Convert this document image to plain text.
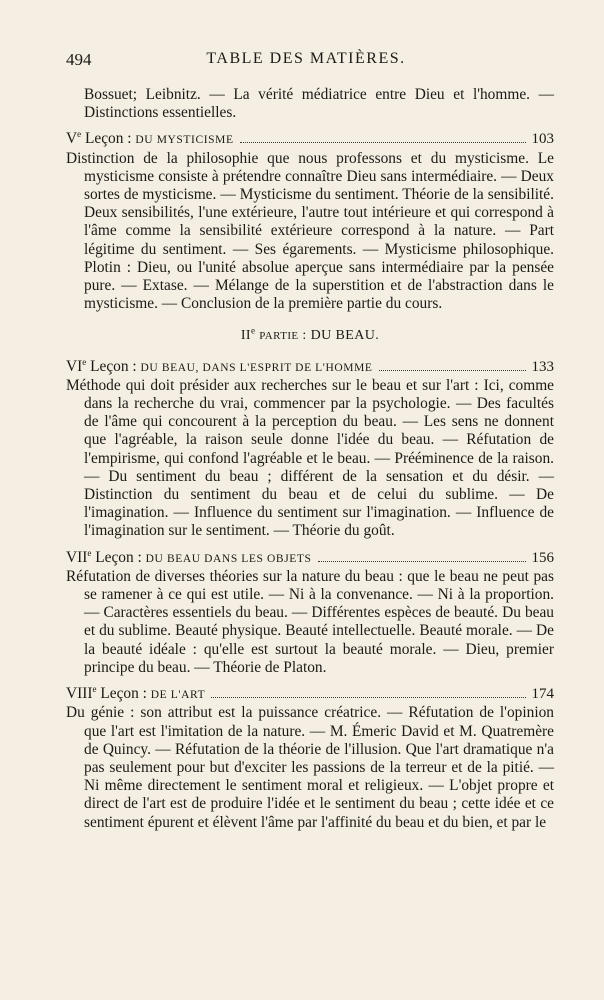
494	TABLE DES MATIÈRES.

Bossuet; Leibnitz. — La vérité médiatrice entre Dieu et l'homme. — Distinctions essentielles.

Ve Leçon : DU MYSTICISME	103

Distinction de la philosophie que nous professons et du mysticisme. Le mysticisme consiste à prétendre connaître Dieu sans intermédiaire. — Deux sortes de mysticisme. — Mysticisme du sentiment. Théorie de la sensibilité. Deux sensibilités, l'une extérieure, l'autre tout intérieure et qui correspond à l'âme comme la sensibilité extérieure correspond à la nature. — Part légitime du sentiment. — Ses égarements. — Mysticisme philosophique. Plotin : Dieu, ou l'unité absolue aperçue sans intermédiaire par la pensée pure. — Extase. — Mélange de la superstition et de l'abstraction dans le mysticisme. — Conclusion de la première partie du cours.

IIe PARTIE : DU BEAU.
VIe Leçon : DU BEAU, DANS L'ESPRIT DE L'HOMME	133

Méthode qui doit présider aux recherches sur le beau et sur l'art : Ici, comme dans la recherche du vrai, commencer par la psychologie. — Des facultés de l'âme qui concourent à la perception du beau. — Les sens ne donnent que l'agréable, la raison seule donne l'idée du beau. — Réfutation de l'empirisme, qui confond l'agréable et le beau. — Prééminence de la raison. — Du sentiment du beau ; différent de la sensation et du désir. — Distinction du sentiment du beau et de celui du sublime. — De l'imagination. — Influence du sentiment sur l'imagination. — Influence de l'imagination sur le sentiment. — Théorie du goût.

VIIe Leçon : DU BEAU DANS LES OBJETS	156

Réfutation de diverses théories sur la nature du beau : que le beau ne peut pas se ramener à ce qui est utile. — Ni à la convenance. — Ni à la proportion. — Caractères essentiels du beau. — Différentes espèces de beauté. Du beau et du sublime. Beauté physique. Beauté intellectuelle. Beauté morale. — De la beauté idéale : qu'elle est surtout la beauté morale. — Dieu, premier principe du beau. — Théorie de Platon.

VIIIe Leçon : DE L'ART	174

Du génie : son attribut est la puissance créatrice. — Réfutation de l'opinion que l'art est l'imitation de la nature. — M. Émeric David et M. Quatremère de Quincy. — Réfutation de la théorie de l'illusion. Que l'art dramatique n'a pas seulement pour but d'exciter les passions de la terreur et de la pitié. — Ni même directement le sentiment moral et religieux. — L'objet propre et direct de l'art est de produire l'idée et le sentiment du beau ; cette idée et ce sentiment épurent et élèvent l'âme par l'affinité du beau et du bien, et par le
